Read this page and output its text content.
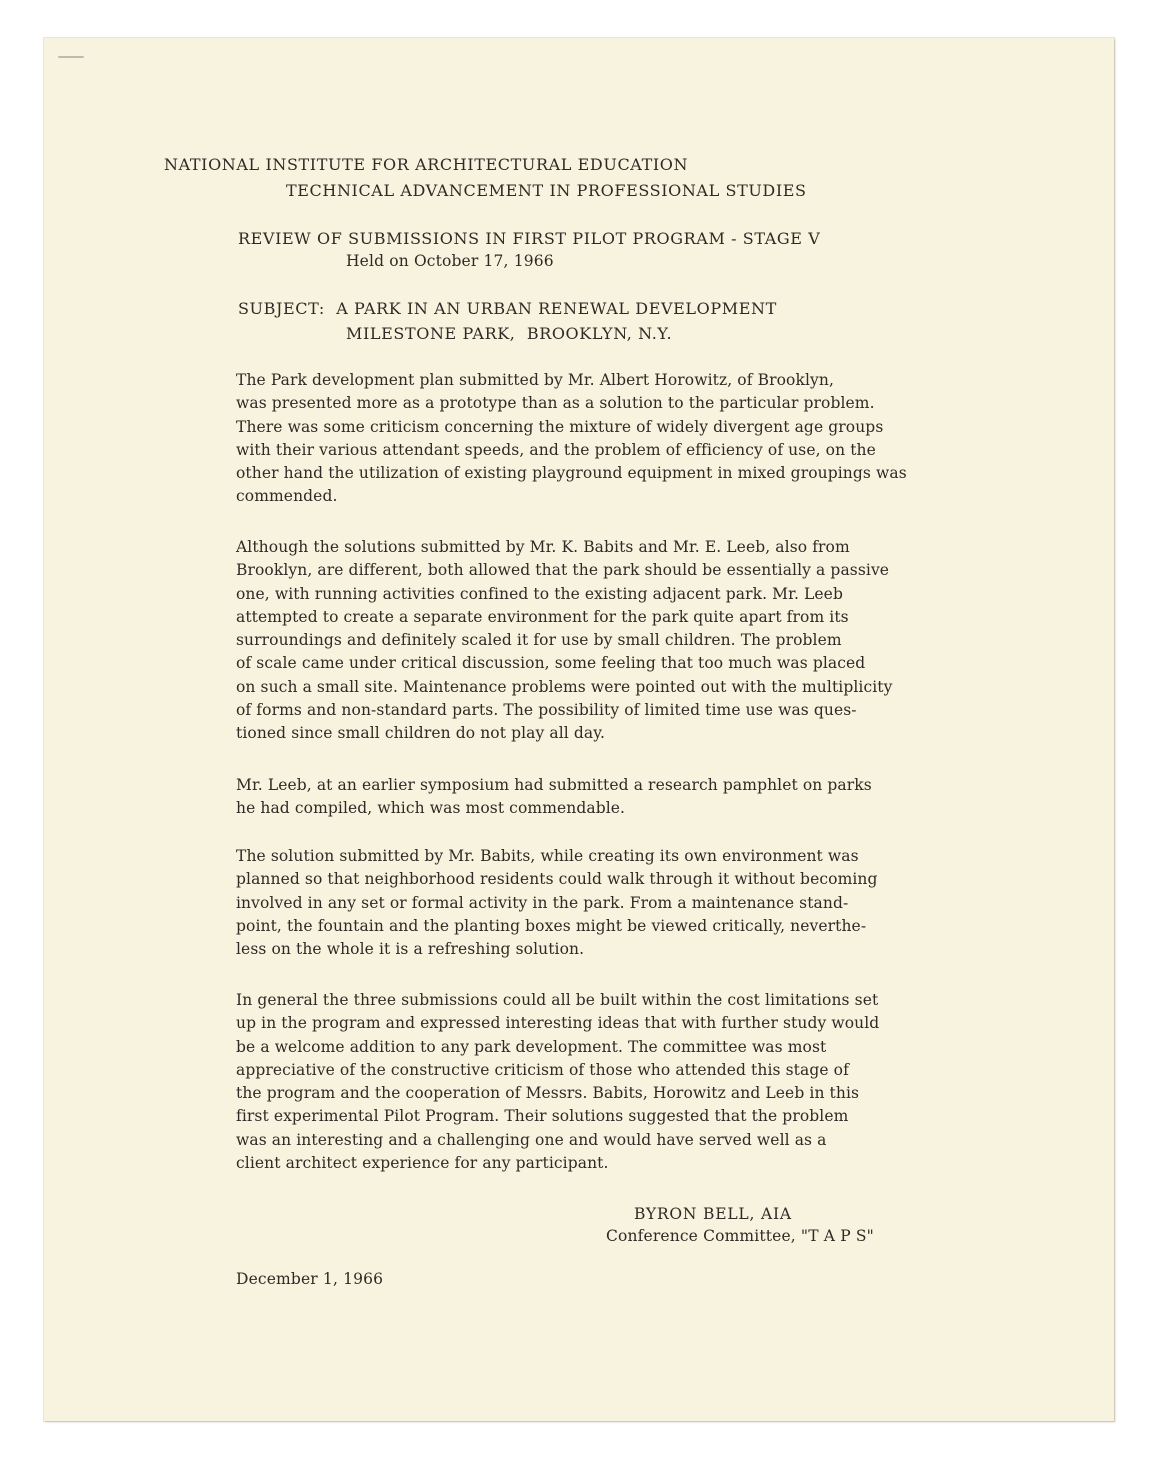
NATIONAL INSTITUTE FOR ARCHITECTURAL EDUCATION
TECHNICAL ADVANCEMENT IN PROFESSIONAL STUDIES
REVIEW OF SUBMISSIONS IN FIRST PILOT PROGRAM - STAGE V
Held on October 17, 1966
SUBJECT:  A PARK IN AN URBAN RENEWAL DEVELOPMENT
MILESTONE PARK,  BROOKLYN, N.Y.

The Park development plan submitted by Mr. Albert Horowitz, of Brooklyn,
was presented more as a prototype than as a solution to the particular problem.
There was some criticism concerning the mixture of widely divergent age groups
with their various attendant speeds, and the problem of efficiency of use, on the
other hand the utilization of existing playground equipment in mixed groupings was
commended.

Although the solutions submitted by Mr. K. Babits and Mr. E. Leeb, also from
Brooklyn, are different, both allowed that the park should be essentially a passive
one, with running activities confined to the existing adjacent park. Mr. Leeb
attempted to create a separate environment for the park quite apart from its
surroundings and definitely scaled it for use by small children. The problem
of scale came under critical discussion, some feeling that too much was placed
on such a small site. Maintenance problems were pointed out with the multiplicity
of forms and non-standard parts. The possibility of limited time use was ques-
tioned since small children do not play all day.

Mr. Leeb, at an earlier symposium had submitted a research pamphlet on parks
he had compiled, which was most commendable.

The solution submitted by Mr. Babits, while creating its own environment was
planned so that neighborhood residents could walk through it without becoming
involved in any set or formal activity in the park. From a maintenance stand-
point, the fountain and the planting boxes might be viewed critically, neverthe-
less on the whole it is a refreshing solution.

In general the three submissions could all be built within the cost limitations set
up in the program and expressed interesting ideas that with further study would
be a welcome addition to any park development. The committee was most
appreciative of the constructive criticism of those who attended this stage of
the program and the cooperation of Messrs. Babits, Horowitz and Leeb in this
first experimental Pilot Program. Their solutions suggested that the problem
was an interesting and a challenging one and would have served well as a
client architect experience for any participant.

BYRON BELL, AIA
Conference Committee, "T A P S"
December 1, 1966
